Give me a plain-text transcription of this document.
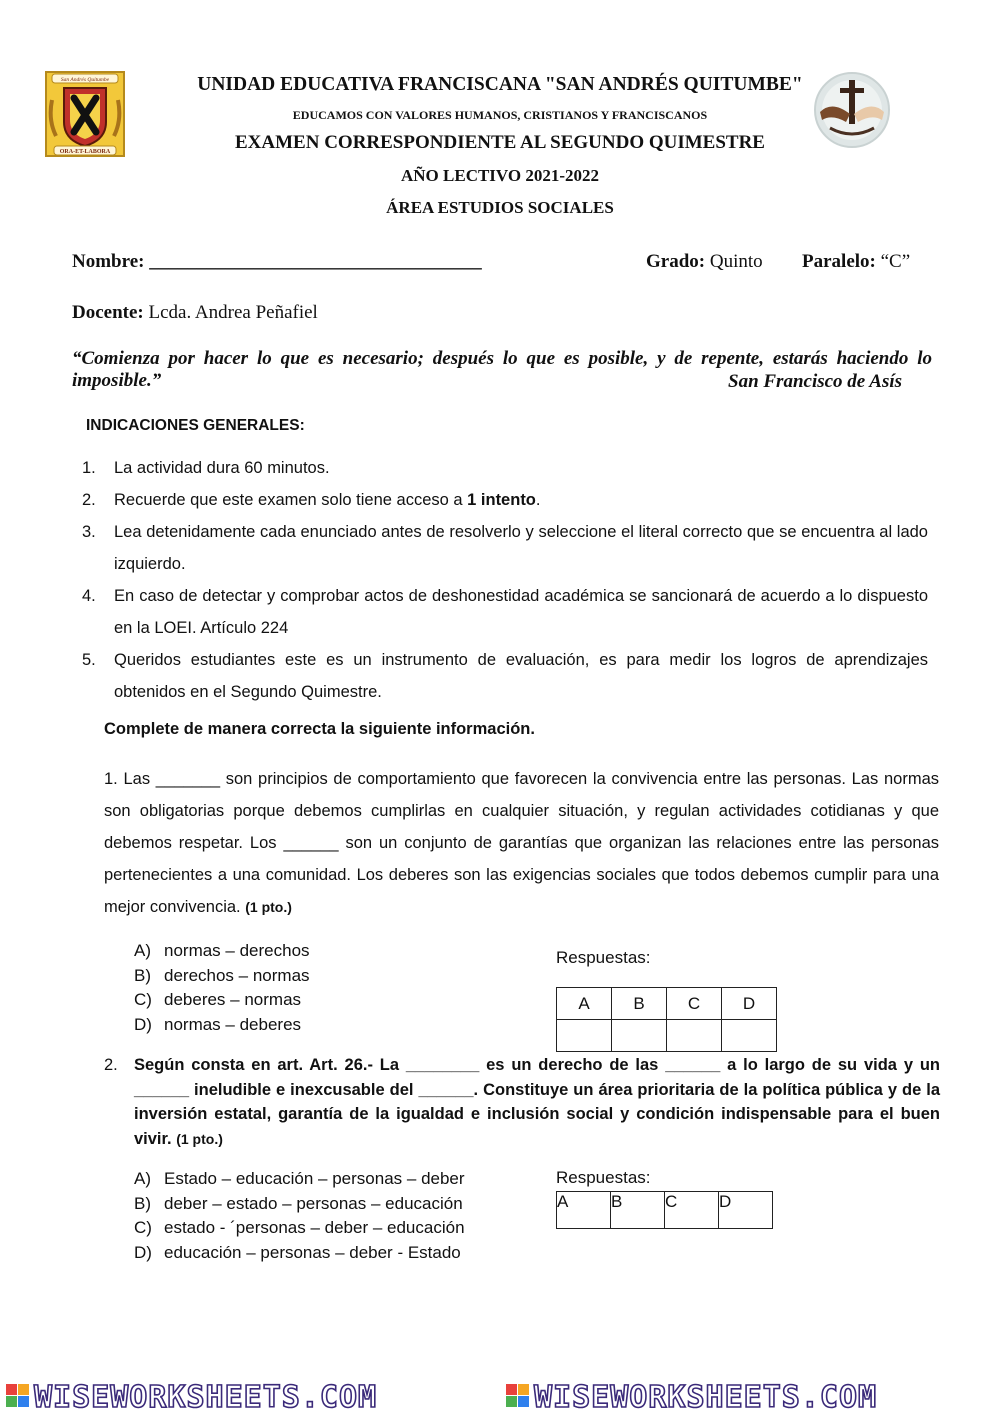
San Andrés Quitumbe
ORA-ET-LABORA
UNIDAD EDUCATIVA FRANCISCANA "SAN ANDRÉS QUITUMBE"
EDUCAMOS CON VALORES HUMANOS, CRISTIANOS Y FRANCISCANOS
EXAMEN CORRESPONDIENTE AL SEGUNDO QUIMESTRE
AÑO LECTIVO 2021-2022
ÁREA ESTUDIOS SOCIALES
Nombre: ___________________________________	Grado: Quinto Paralelo: “C”
Docente: Lcda. Andrea Peñafiel
“Comienza por hacer lo que es necesario; después lo que es posible, y de repente, estarás haciendo lo imposible.”	San Francisco de Asís
INDICACIONES GENERALES:
1. La actividad dura 60 minutos.
2. Recuerde que este examen solo tiene acceso a 1 intento.
3. Lea detenidamente cada enunciado antes de resolverlo y seleccione el literal correcto que se encuentra al lado izquierdo.
4. En caso de detectar y comprobar actos de deshonestidad académica se sancionará de acuerdo a lo dispuesto en la LOEI. Artículo 224
5. Queridos estudiantes este es un instrumento de evaluación, es para medir los logros de aprendizajes obtenidos en el Segundo Quimestre.
Complete de manera correcta la siguiente información.
1. Las _______ son principios de comportamiento que favorecen la convivencia entre las personas. Las normas son obligatorias porque debemos cumplirlas en cualquier situación, y regulan actividades cotidianas y que debemos respetar. Los ______ son un conjunto de garantías que organizan las relaciones entre las personas pertenecientes a una comunidad. Los deberes son las exigencias sociales que todos debemos cumplir para una mejor convivencia. (1 pto.)
A) normas – derechos
B) derechos – normas
C) deberes – normas
D) normas – deberes
Respuestas:
A	B	C	D

2. Según consta en art. Art. 26.- La ________ es un derecho de las ______ a lo largo de su vida y un ______ ineludible e inexcusable del ______. Constituye un área prioritaria de la política pública y de la inversión estatal, garantía de la igualdad e inclusión social y condición indispensable para el buen vivir. (1 pto.)
A) Estado – educación – personas – deber
B) deber – estado – personas – educación
C) estado - ´personas – deber – educación
D) educación – personas – deber - Estado
Respuestas:
A	B	C	D
WISEWORKSHEETS.COM	WISEWORKSHEETS.COM
